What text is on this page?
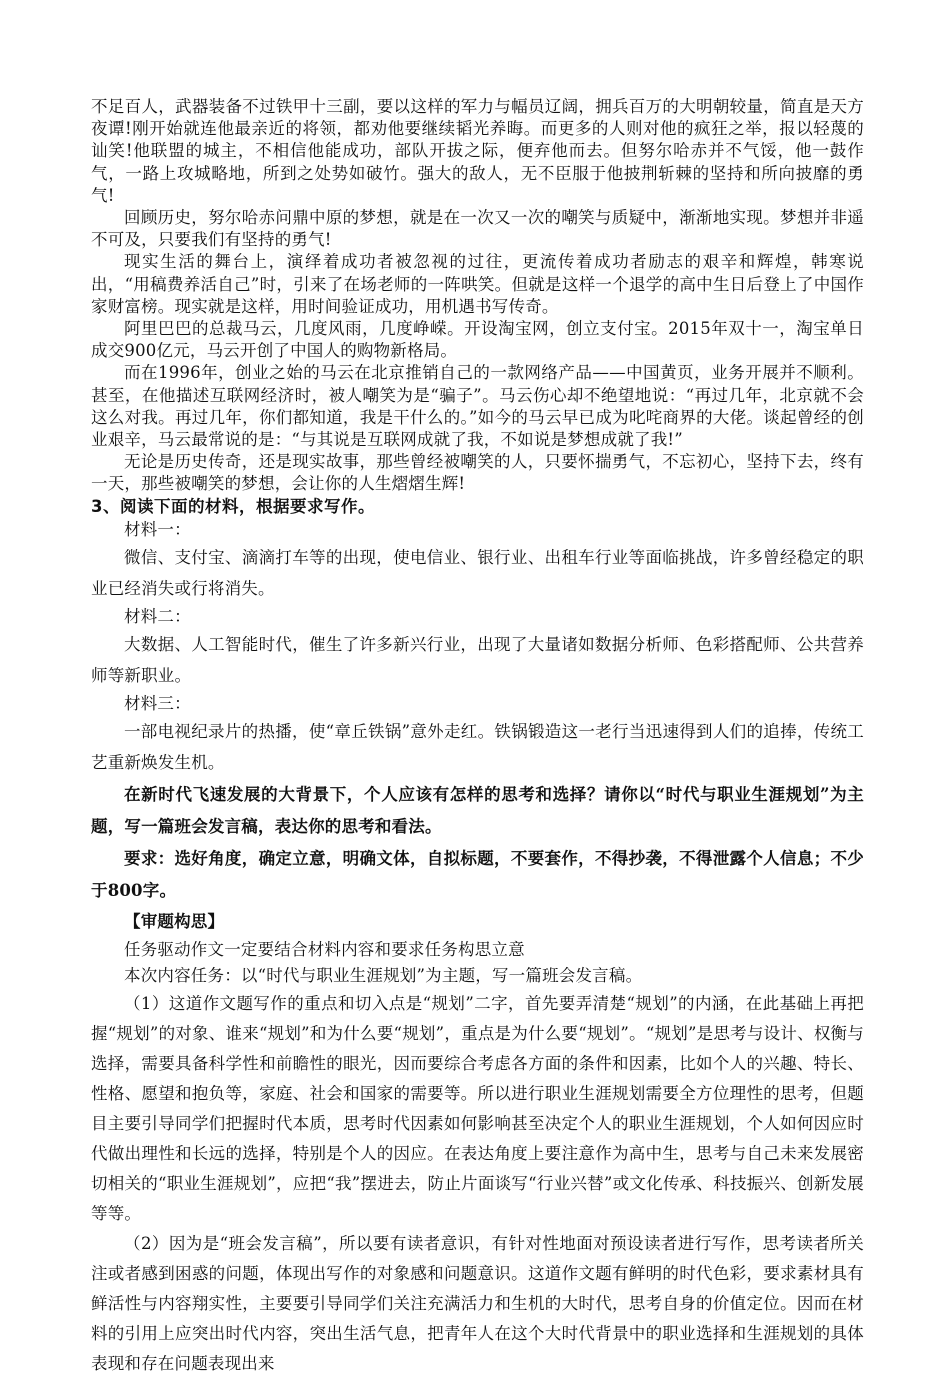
不足百人，武器装备不过铁甲十三副，要以这样的军力与幅员辽阔，拥兵百万的大明朝较量，简直是天方夜谭!刚开始就连他最亲近的将领，都劝他要继续韬光养晦。而更多的人则对他的疯狂之举，报以轻蔑的讪笑!他联盟的城主，不相信他能成功，部队开拔之际，便弃他而去。但努尔哈赤并不气馁，他一鼓作气，一路上攻城略地，所到之处势如破竹。强大的敌人，无不臣服于他披荆斩棘的坚持和所向披靡的勇气!

回顾历史，努尔哈赤问鼎中原的梦想，就是在一次又一次的嘲笑与质疑中，渐渐地实现。梦想并非遥不可及，只要我们有坚持的勇气!

现实生活的舞台上，演绎着成功者被忽视的过往，更流传着成功者励志的艰辛和辉煌，韩寒说出，“用稿费养活自己”时，引来了在场老师的一阵哄笑。但就是这样一个退学的高中生日后登上了中国作家财富榜。现实就是这样，用时间验证成功，用机遇书写传奇。

阿里巴巴的总裁马云，几度风雨，几度峥嵘。开设淘宝网，创立支付宝。2015年双十一，淘宝单日成交900亿元，马云开创了中国人的购物新格局。

而在1996年，创业之始的马云在北京推销自己的一款网络产品——中国黄页，业务开展并不顺利。甚至，在他描述互联网经济时，被人嘲笑为是“骗子”。马云伤心却不绝望地说：“再过几年，北京就不会这么对我。再过几年，你们都知道，我是干什么的。”如今的马云早已成为叱咤商界的大佬。谈起曾经的创业艰辛，马云最常说的是：“与其说是互联网成就了我，不如说是梦想成就了我!”

无论是历史传奇，还是现实故事，那些曾经被嘲笑的人，只要怀揣勇气，不忘初心，坚持下去，终有一天，那些被嘲笑的梦想，会让你的人生熠熠生辉!

3、阅读下面的材料，根据要求写作。

材料一：

微信、支付宝、滴滴打车等的出现，使电信业、银行业、出租车行业等面临挑战，许多曾经稳定的职业已经消失或行将消失。

材料二：

大数据、人工智能时代，催生了许多新兴行业，出现了大量诸如数据分析师、色彩搭配师、公共营养师等新职业。

材料三：

一部电视纪录片的热播，使“章丘铁锅”意外走红。铁锅锻造这一老行当迅速得到人们的追捧，传统工艺重新焕发生机。

在新时代飞速发展的大背景下，个人应该有怎样的思考和选择？请你以“时代与职业生涯规划”为主题，写一篇班会发言稿，表达你的思考和看法。

要求：选好角度，确定立意，明确文体，自拟标题，不要套作，不得抄袭，不得泄露个人信息；不少于800字。

【审题构思】

任务驱动作文一定要结合材料内容和要求任务构思立意

本次内容任务：以“时代与职业生涯规划”为主题，写一篇班会发言稿。

（1）这道作文题写作的重点和切入点是“规划”二字，首先要弄清楚“规划”的内涵，在此基础上再把握“规划”的对象、谁来“规划”和为什么要“规划”，重点是为什么要“规划”。“规划”是思考与设计、权衡与选择，需要具备科学性和前瞻性的眼光，因而要综合考虑各方面的条件和因素，比如个人的兴趣、特长、性格、愿望和抱负等，家庭、社会和国家的需要等。所以进行职业生涯规划需要全方位理性的思考，但题目主要引导同学们把握时代本质，思考时代因素如何影响甚至决定个人的职业生涯规划，个人如何因应时代做出理性和长远的选择，特别是个人的因应。在表达角度上要注意作为高中生，思考与自己未来发展密切相关的“职业生涯规划”，应把“我”摆进去，防止片面谈写“行业兴替”或文化传承、科技振兴、创新发展等等。

（2）因为是“班会发言稿”，所以要有读者意识，有针对性地面对预设读者进行写作，思考读者所关注或者感到困惑的问题，体现出写作的对象感和问题意识。这道作文题有鲜明的时代色彩，要求素材具有鲜活性与内容翔实性，主要要引导同学们关注充满活力和生机的大时代，思考自身的价值定位。因而在材料的引用上应突出时代内容，突出生活气息，把青年人在这个大时代背景中的职业选择和生涯规划的具体表现和存在问题表现出来
